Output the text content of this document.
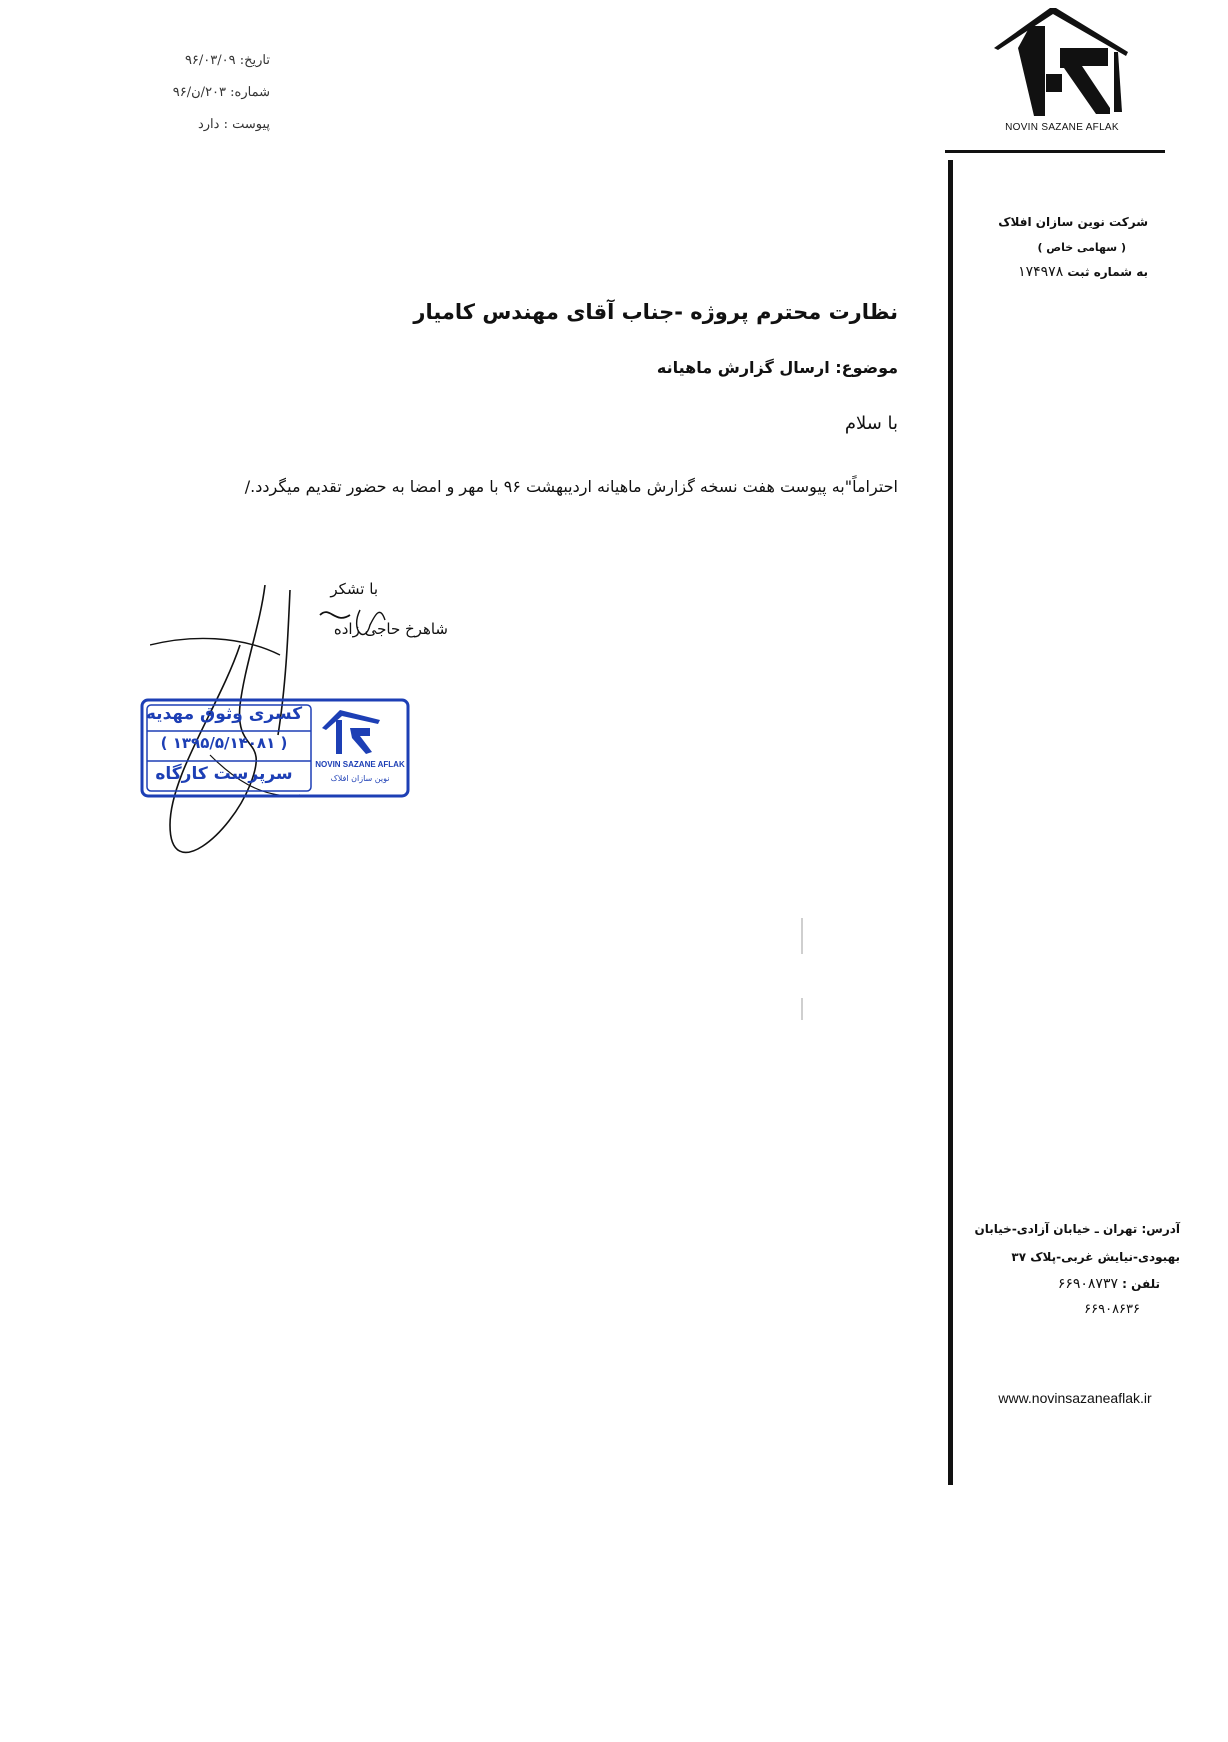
NOVIN SAZANE AFLAK
شرکت نوین سازان افلاک
( سهامی خاص )
به شماره ثبت ۱۷۴۹۷۸
تاریخ: ۹۶/۰۳/۰۹
شماره: ۲۰۳/ن/۹۶
پیوست : دارد
نظارت محترم پروژه -جناب آقای مهندس کامیار
موضوع: ارسال گزارش ماهیانه
با سلام
احتراماً"به پیوست هفت نسخه گزارش ماهیانه اردیبهشت ۹۶ با مهر و امضا به حضور تقدیم میگردد./
با تشکر
شاهرخ حاجی زاده
کسری وثوق مهدیه
( ۱۳۹۵/۵/۱۴۰۸۱ )
سرپرست کارگاه	NOVIN SAZANE AFLAK
نوین سازان افلاک
آدرس: تهران ـ خیابان آزادی-خیابان
بهبودی-نیایش غربی-پلاک ۳۷
تلفن : ۶۶۹۰۸۷۳۷
۶۶۹۰۸۶۳۶
www.novinsazaneaflak.ir
